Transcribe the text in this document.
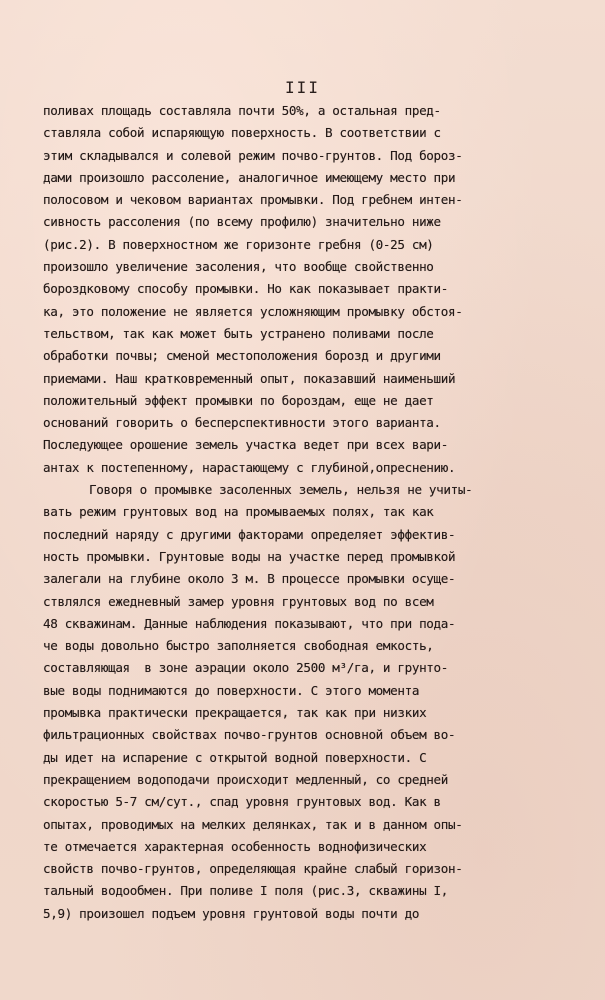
III
поливах площадь составляла почти 50%, а остальная пред-
ставляла собой испаряющую поверхность. В соответствии с
этим складывался и солевой режим почво-грунтов. Под бороз-
дами произошло рассоление, аналогичное имеющему место при
полосовом и чековом вариантах промывки. Под гребнем интен-
сивность рассоления (по всему профилю) значительно ниже
(рис.2). В поверхностном же горизонте гребня (0-25 см)
произошло увеличение засоления, что вообще свойственно
бороздковому способу промывки. Но как показывает практи-
ка, это положение не является усложняющим промывку обстоя-
тельством, так как может быть устранено поливами после
обработки почвы; сменой местоположения борозд и другими
приемами. Наш кратковременный опыт, показавший наименьший
положительный эффект промывки по бороздам, еще не дает
оснований говорить о бесперспективности этого варианта.
Последующее орошение земель участка ведет при всех вари-
антах к постепенному, нарастающему с глубиной,опреснению.
Говоря о промывке засоленных земель, нельзя не учиты-
вать режим грунтовых вод на промываемых полях, так как
последний наряду с другими факторами определяет эффектив-
ность промывки. Грунтовые воды на участке перед промывкой
залегали на глубине около 3 м. В процессе промывки осуще-
ствлялся ежедневный замер уровня грунтовых вод по всем
48 скважинам. Данные наблюдения показывают, что при пода-
че воды довольно быстро заполняется свободная емкость,
составляющая  в зоне аэрации около 2500 м³/га, и грунто-
вые воды поднимаются до поверхности. С этого момента
промывка практически прекращается, так как при низких
фильтрационных свойствах почво-грунтов основной объем во-
ды идет на испарение с открытой водной поверхности. С
прекращением водоподачи происходит медленный, со средней
скоростью 5-7 см/сут., спад уровня грунтовых вод. Как в
опытах, проводимых на мелких делянках, так и в данном опы-
те отмечается характерная особенность воднофизических
свойств почво-грунтов, определяющая крайне слабый горизон-
тальный водообмен. При поливе I поля (рис.3, скважины I,
5,9) произошел подъем уровня грунтовой воды почти до
